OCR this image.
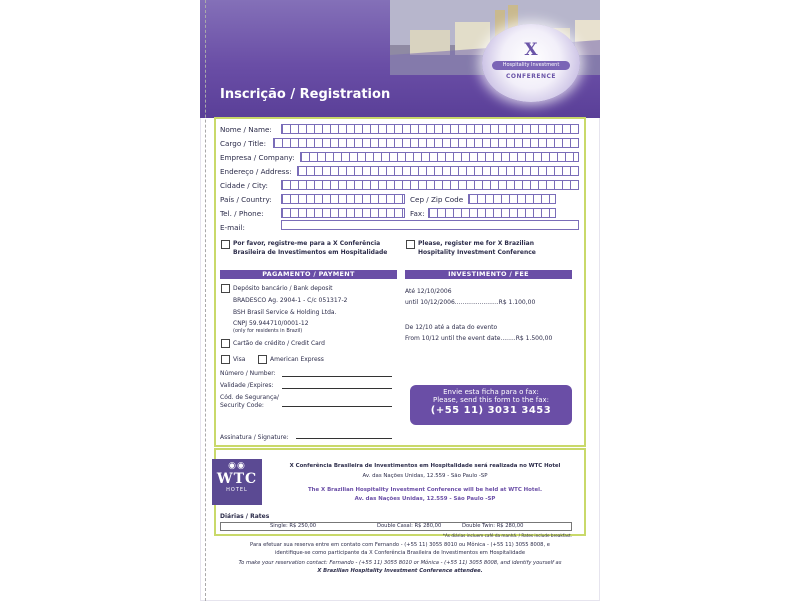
X
Hospitality Investment
CONFERENCE
Inscrição / Registration
Nome / Name:
Cargo / Title:
Empresa / Company:
Endereço / Address:
Cidade / City:
País / Country:	Cep / Zip Code
Tel. / Phone:	Fax:
E-mail:
Por favor, registre-me para a X Conferência Brasileira de Investimentos em Hospitalidade
Please, register me for X Brazilian Hospitality Investment Conference
PAGAMENTO / PAYMENT
Depósito bancário / Bank deposit
BRADESCO Ag. 2904-1 - C/c 051317-2
BSH Brasil Service & Holding Ltda.
CNPJ 59.944710/0001-12
(only for residents in Brazil)
Cartão de crédito / Credit Card
Visa	American Express
Número / Number:
Validade /Expires:
Cód. de Segurança/
Security Code:
Assinatura / Signature:
INVESTIMENTO / FEE
Até 12/10/2006
until 10/12/2006.......................R$ 1.100,00
De 12/10 até a data do evento
From 10/12 until the event date........R$ 1.500,00
Envie esta ficha para o fax:
Please, send this form to the fax:
(+55 11) 3031 3453
◉◉
WTC
HOTEL
X Conferência Brasileira de Investimentos em Hospitalidade será realizada no WTC Hotel
Av. das Nações Unidas, 12.559 - São Paulo -SP
The X Brazilian Hospitality Investment Conference will be held at WTC Hotel.
Av. das Nações Unidas, 12.559 - São Paulo -SP
Diárias / Rates
Single: R$ 250,00	Double Casal: R$ 280,00	Double Twin: R$ 280,00
*As diárias incluem café da manhã. / Rates include breakfast.
Para efetuar sua reserva entre em contato com Fernando - (+55 11) 3055 8010 ou Mônica - (+55 11) 3055 8008, e
identifique-se como participante da X Conferência Brasileira de Investimentos em Hospitalidade
To make your reservation contact: Fernando - (+55 11) 3055 8010 or Mônica - (+55 11) 3055 8008, and identify yourself as
X Brazilian Hospitality Investment Conference attendee.
